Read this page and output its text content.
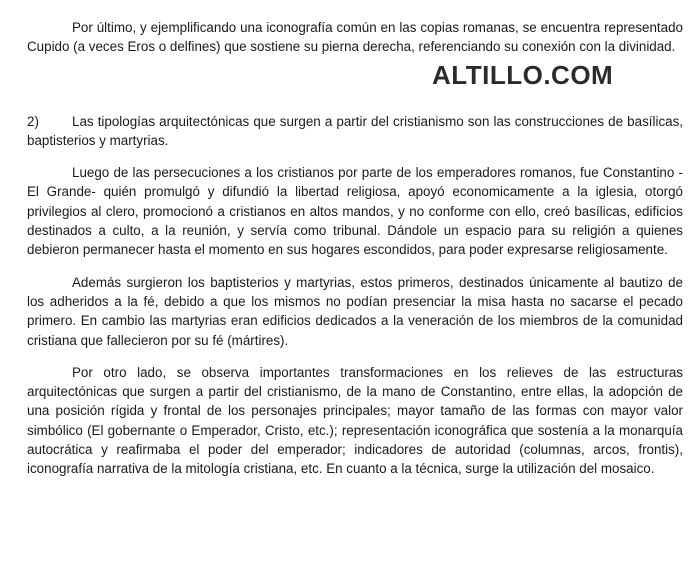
Por último, y ejemplificando una iconografía común en las copias romanas, se encuentra representado Cupido (a veces Eros o delfines) que sostiene su pierna derecha, referenciando su conexión con la divinidad.

ALTILLO.COM

2) Las tipologías arquitectónicas que surgen a partir del cristianismo son las construcciones de basílicas, baptisterios y martyrias.

Luego de las persecuciones a los cristianos por parte de los emperadores romanos, fue Constantino -El Grande- quién promulgó y difundió la libertad religiosa, apoyó economicamente a la iglesia, otorgó privilegios al clero, promocionó a cristianos en altos mandos, y no conforme con ello, creó basílicas, edificios destinados a culto, a la reunión, y servía como tribunal. Dándole un espacio para su religión a quienes debieron permanecer hasta el momento en sus hogares escondidos, para poder expresarse religiosamente.

Además surgieron los baptisterios y martyrias, estos primeros, destinados únicamente al bautizo de los adheridos a la fé, debido a que los mismos no podían presenciar la misa hasta no sacarse el pecado primero. En cambio las martyrias eran edificios dedicados a la veneración de los miembros de la comunidad cristiana que fallecieron por su fé (mártires).

Por otro lado, se observa importantes transformaciones en los relieves de las estructuras arquitectónicas que surgen a partir del cristianismo, de la mano de Constantino, entre ellas, la adopción de una posición rígida y frontal de los personajes principales; mayor tamaño de las formas con mayor valor simbólico (El gobernante o Emperador, Cristo, etc.); representación iconográfica que sostenía a la monarquía autocrática y reafirmaba el poder del emperador; indicadores de autoridad (columnas, arcos, frontis), iconografía narrativa de la mitología cristiana, etc. En cuanto a la técnica, surge la utilización del mosaico.
